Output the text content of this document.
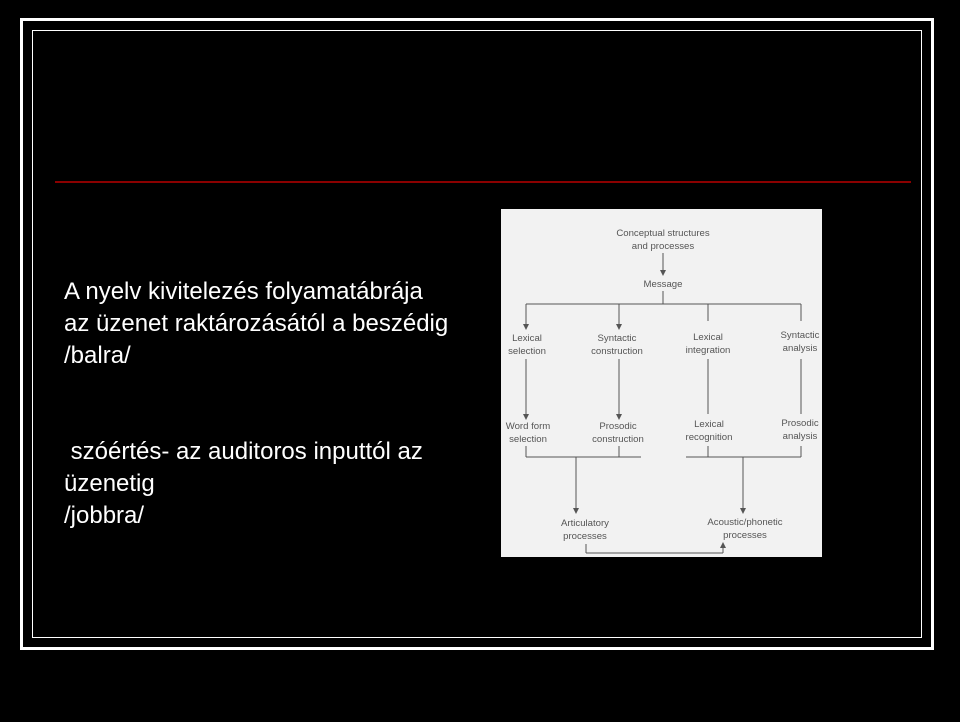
A nyelv kivitelezés folyamatábrája
az üzenet raktározásától a beszédig
/balra/
szóértés- az auditoros inputtól az
üzenetig
/jobbra/
Conceptual structures
and processes
Message
Lexical
selection
Syntactic
construction
Lexical
integration
Syntactic
analysis
Word form
selection
Prosodic
construction
Lexical
recognition
Prosodic
analysis
Articulatory
processes
Acoustic/phonetic
processes
